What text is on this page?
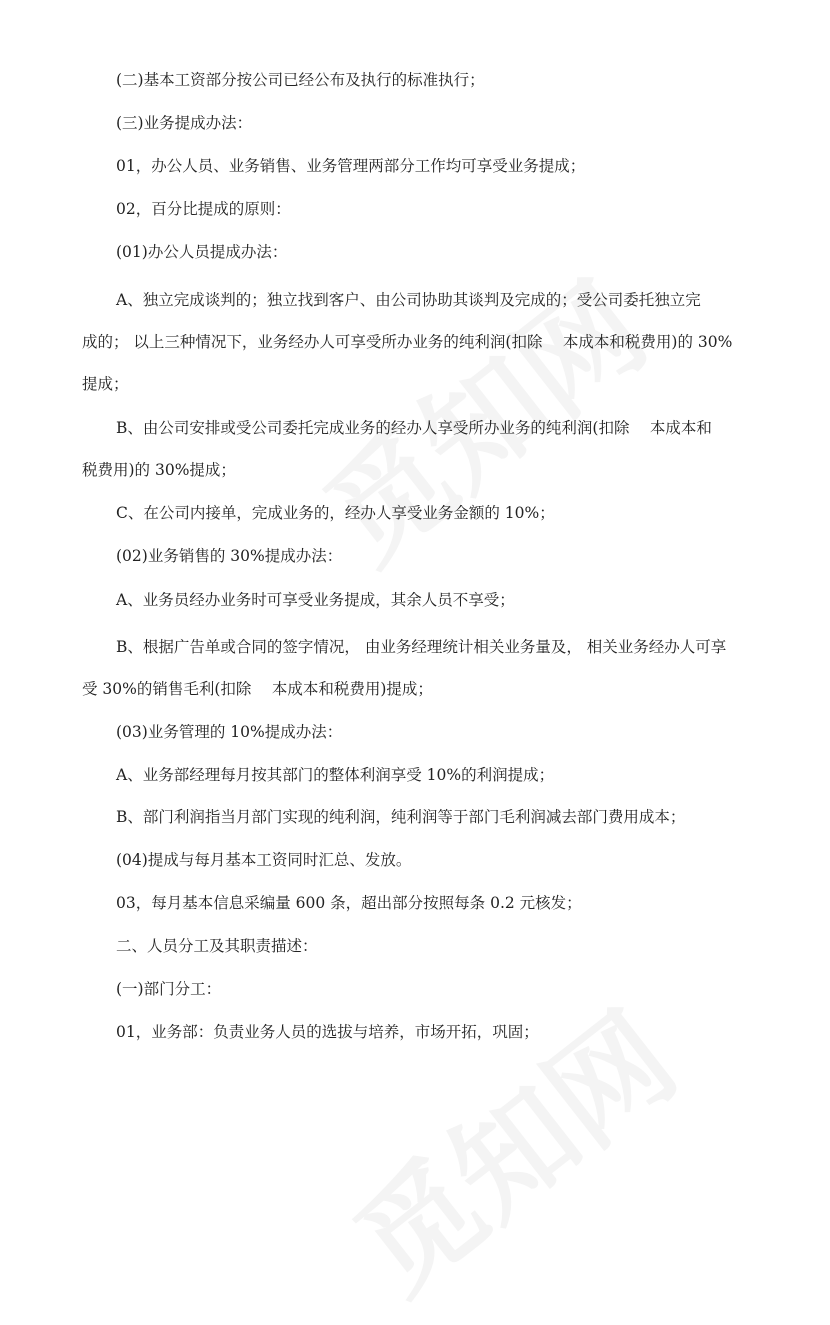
(二)基本工资部分按公司已经公布及执行的标准执行；
(三)业务提成办法：
01，办公人员、业务销售、业务管理两部分工作均可享受业务提成；
02，百分比提成的原则：
(01)办公人员提成办法：
A、独立完成谈判的；独立找到客户、由公司协助其谈判及完成的；受公司委托独立完
成的； 以上三种情况下，业务经办人可享受所办业务的纯利润(扣除　 本成本和税费用)的 30%
提成；
B、由公司安排或受公司委托完成业务的经办人享受所办业务的纯利润(扣除　 本成本和
税费用)的 30%提成；
C、在公司内接单，完成业务的，经办人享受业务金额的 10%；
(02)业务销售的 30%提成办法：
A、业务员经办业务时可享受业务提成，其余人员不享受；
B、根据广告单或合同的签字情况， 由业务经理统计相关业务量及， 相关业务经办人可享
受 30%的销售毛利(扣除　 本成本和税费用)提成；
(03)业务管理的 10%提成办法：
A、业务部经理每月按其部门的整体利润享受 10%的利润提成；
B、部门利润指当月部门实现的纯利润，纯利润等于部门毛利润减去部门费用成本；
(04)提成与每月基本工资同时汇总、发放。
03，每月基本信息采编量 600 条，超出部分按照每条 0.2 元核发；
二、人员分工及其职责描述：
(一)部门分工：
01，业务部：负责业务人员的选拔与培养，市场开拓，巩固；
